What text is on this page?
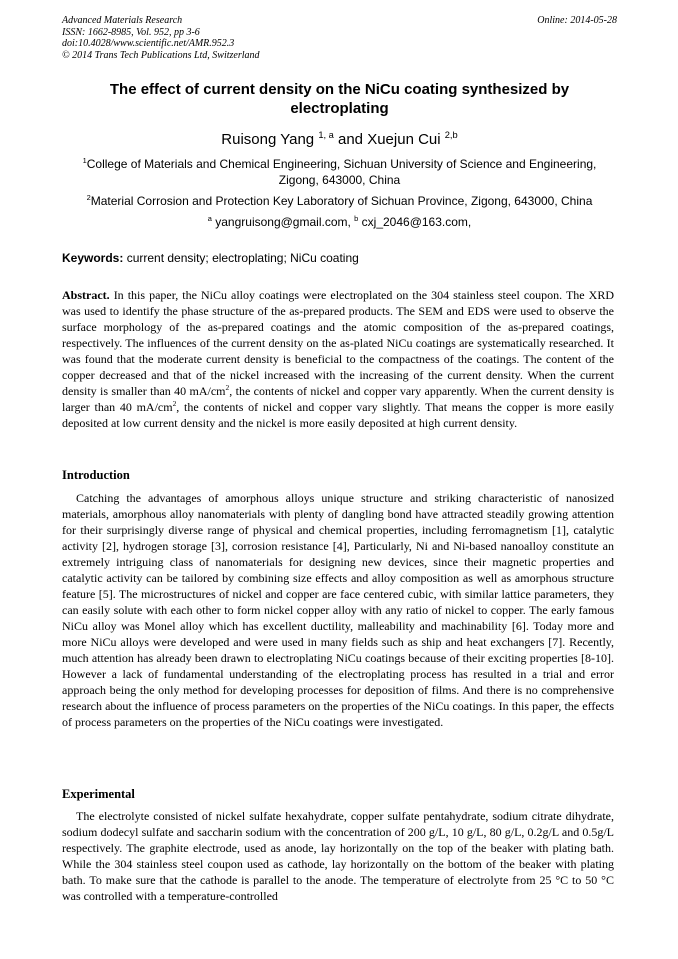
Advanced Materials Research
ISSN: 1662-8985, Vol. 952, pp 3-6
doi:10.4028/www.scientific.net/AMR.952.3
© 2014 Trans Tech Publications Ltd, Switzerland
Online: 2014-05-28
The effect of current density on the NiCu coating synthesized by electroplating
Ruisong Yang $^{1, a}$ and Xuejun Cui $^{2,b}$
$^1$College of Materials and Chemical Engineering, Sichuan University of Science and Engineering, Zigong, 643000, China
$^2$Material Corrosion and Protection Key Laboratory of Sichuan Province, Zigong, 643000, China
$^a$ yangruisong@gmail.com, $^b$ cxj_2046@163.com,
Keywords: current density; electroplating; NiCu coating

Abstract. In this paper, the NiCu alloy coatings were electroplated on the 304 stainless steel coupon. The XRD was used to identify the phase structure of the as-prepared products. The SEM and EDS were used to observe the surface morphology of the as-prepared coatings and the atomic composition of the as-prepared coatings, respectively. The influences of the current density on the as-plated NiCu coatings are systematically researched. It was found that the moderate current density is beneficial to the compactness of the coatings. The content of the copper decreased and that of the nickel increased with the increasing of the current density. When the current density is smaller than 40 $mA/cm^2$, the contents of nickel and copper vary apparently. When the current density is larger than 40 $mA/cm^2$, the contents of nickel and copper vary slightly. That means the copper is more easily deposited at low current density and the nickel is more easily deposited at high current density.

Introduction

Catching the advantages of amorphous alloys unique structure and striking characteristic of nanosized materials, amorphous alloy nanomaterials with plenty of dangling bond have attracted steadily growing attention for their surprisingly diverse range of physical and chemical properties, including ferromagnetism [1], catalytic activity [2], hydrogen storage [3], corrosion resistance [4], Particularly, Ni and Ni-based nanoalloy constitute an extremely intriguing class of nanomaterials for designing new devices, since their magnetic properties and catalytic activity can be tailored by combining size effects and alloy composition as well as amorphous structure feature [5]. The microstructures of nickel and copper are face centered cubic, with similar lattice parameters, they can easily solute with each other to form nickel copper alloy with any ratio of nickel to copper. The early famous NiCu alloy was Monel alloy which has excellent ductility, malleability and machinability [6]. Today more and more NiCu alloys were developed and were used in many fields such as ship and heat exchangers [7]. Recently, much attention has already been drawn to electroplating NiCu coatings because of their exciting properties [8-10]. However a lack of fundamental understanding of the electroplating process has resulted in a trial and error approach being the only method for developing processes for deposition of films. And there is no comprehensive research about the influence of process parameters on the properties of the NiCu coatings. In this paper, the effects of process parameters on the properties of the NiCu coatings were investigated.

Experimental

The electrolyte consisted of nickel sulfate hexahydrate, copper sulfate pentahydrate, sodium citrate dihydrate, sodium dodecyl sulfate and saccharin sodium with the concentration of 200 g/L, 10 g/L, 80 g/L, 0.2g/L and 0.5g/L respectively. The graphite electrode, used as anode, lay horizontally on the top of the beaker with plating bath. While the 304 stainless steel coupon used as cathode, lay horizontally on the bottom of the beaker with plating bath. To make sure that the cathode is parallel to the anode. The temperature of electrolyte from 25 °C to 50 °C was controlled with a temperature-controlled
